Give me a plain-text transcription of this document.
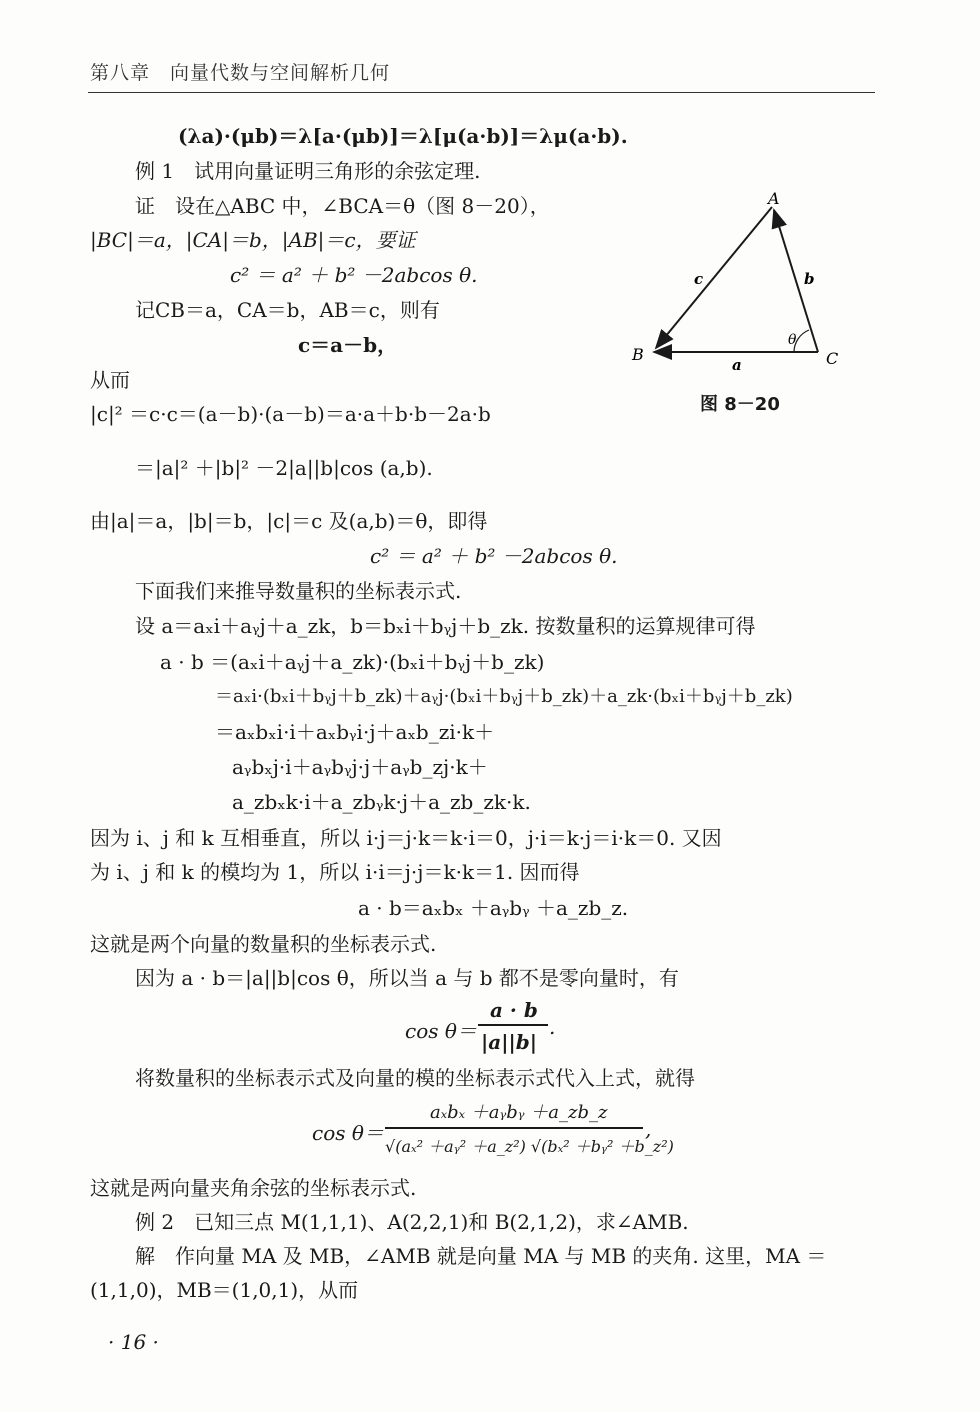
第八章　向量代数与空间解析几何
(λa)·(μb)＝λ[a·(μb)]＝λ[μ(a·b)]＝λμ(a·b).
例 1　试用向量证明三角形的余弦定理.
证　设在△ABC 中，∠BCA＝θ（图 8－20），
|BC|＝a，|CA|＝b，|AB|＝c，要证
c² ＝ a² ＋ b² －2abcos θ.
记CB＝a，CA＝b，AB＝c，则有
c＝a－b，
从而
|c|² ＝c·c＝(a－b)·(a－b)＝a·a＋b·b－2a·b
＝|a|² ＋|b|² －2|a||b|cos (a,b).
由|a|＝a，|b|＝b，|c|＝c 及(a,b)＝θ，即得
c² ＝ a² ＋ b² －2abcos θ.
下面我们来推导数量积的坐标表示式.
设 a＝aₓi＋aᵧj＋a_zk，b＝bₓi＋bᵧj＋b_zk. 按数量积的运算规律可得
a · b ＝(aₓi＋aᵧj＋a_zk)·(bₓi＋bᵧj＋b_zk)
＝aₓi·(bₓi＋bᵧj＋b_zk)＋aᵧj·(bₓi＋bᵧj＋b_zk)＋a_zk·(bₓi＋bᵧj＋b_zk)
＝aₓbₓi·i＋aₓbᵧi·j＋aₓb_zi·k＋
aᵧbₓj·i＋aᵧbᵧj·j＋aᵧb_zj·k＋
a_zbₓk·i＋a_zbᵧk·j＋a_zb_zk·k.
因为 i、j 和 k 互相垂直，所以 i·j＝j·k＝k·i＝0，j·i＝k·j＝i·k＝0. 又因
为 i、j 和 k 的模均为 1，所以 i·i＝j·j＝k·k＝1. 因而得
a · b＝aₓbₓ ＋aᵧbᵧ ＋a_zb_z.
这就是两个向量的数量积的坐标表示式.
因为 a · b＝|a||b|cos θ，所以当 a 与 b 都不是零向量时，有
cos θ＝
a · b
|a||b|
.
将数量积的坐标表示式及向量的模的坐标表示式代入上式，就得
cos θ＝
aₓbₓ ＋aᵧbᵧ ＋a_zb_z
√(aₓ² ＋aᵧ² ＋a_z²) √(bₓ² ＋bᵧ² ＋b_z²)
,
这就是两向量夹角余弦的坐标表示式.
例 2　已知三点 M(1,1,1)、A(2,2,1)和 B(2,1,2)，求∠AMB.
解　作向量 MA 及 MB，∠AMB 就是向量 MA 与 MB 的夹角. 这里，MA ＝
(1,1,0)，MB＝(1,0,1)，从而
A
B	C
a
b
c
θ
图 8－20
· 16 ·
